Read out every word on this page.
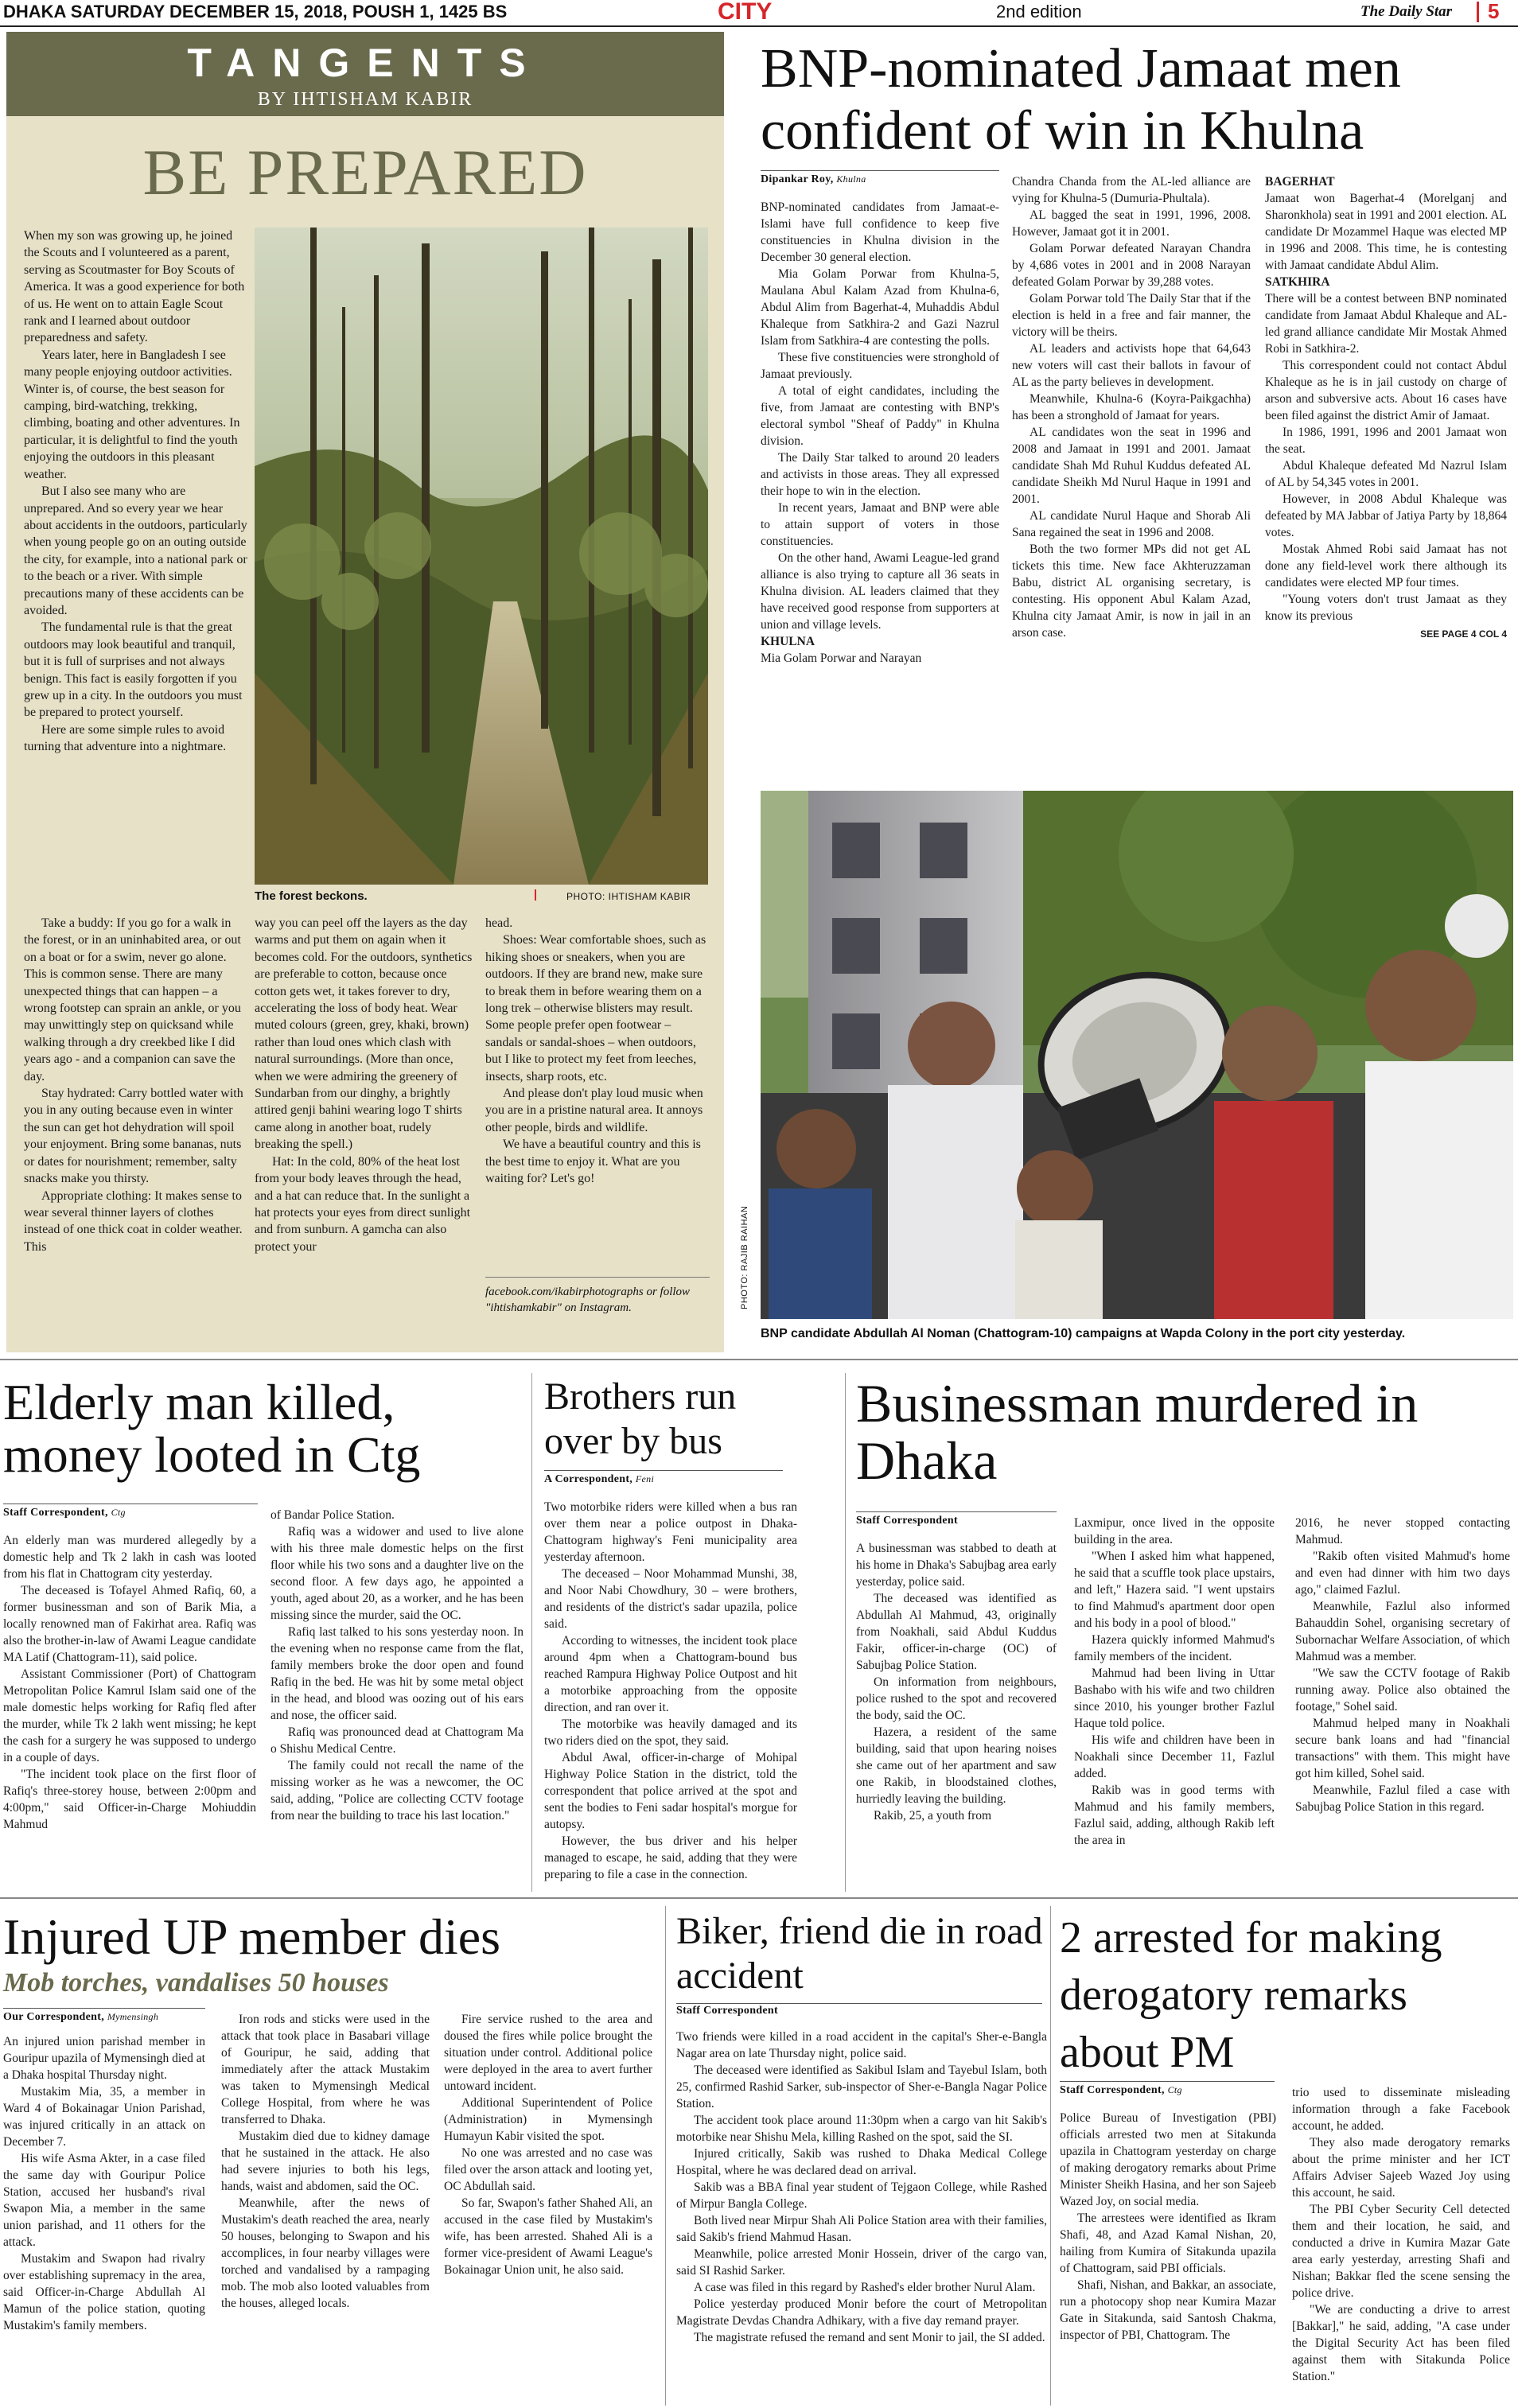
DHAKA SATURDAY DECEMBER 15, 2018, POUSH 1, 1425 BS	CITY	2nd edition	The Daily Star 5
TANGENTS
BY IHTISHAM KABIR
BE PREPARED

When my son was growing up, he joined the Scouts and I volunteered as a parent, serving as Scoutmaster for Boy Scouts of America. It was a good experience for both of us. He went on to attain Eagle Scout rank and I learned about outdoor preparedness and safety.

Years later, here in Bangladesh I see many people enjoying outdoor activities. Winter is, of course, the best season for camping, bird-watching, trekking, climbing, boating and other adventures. In particular, it is delightful to find the youth enjoying the outdoors in this pleasant weather.

But I also see many who are unprepared. And so every year we hear about accidents in the outdoors, particularly when young people go on an outing outside the city, for example, into a national park or to the beach or a river. With simple precautions many of these accidents can be avoided.

The fundamental rule is that the great outdoors may look beautiful and tranquil, but it is full of surprises and not always benign. This fact is easily forgotten if you grew up in a city. In the outdoors you must be prepared to protect yourself.

Here are some simple rules to avoid turning that adventure into a nightmare.

The forest beckons.	PHOTO: IHTISHAM KABIR

Take a buddy: If you go for a walk in the forest, or in an uninhabited area, or out on a boat or for a swim, never go alone. This is common sense. There are many unexpected things that can happen – a wrong footstep can sprain an ankle, or you may unwittingly step on quicksand while walking through a dry creekbed like I did years ago - and a companion can save the day.

Stay hydrated: Carry bottled water with you in any outing because even in winter the sun can get hot dehydration will spoil your enjoyment. Bring some bananas, nuts or dates for nourishment; remember, salty snacks make you thirsty.

Appropriate clothing: It makes sense to wear several thinner layers of clothes instead of one thick coat in colder weather. This

way you can peel off the layers as the day warms and put them on again when it becomes cold. For the outdoors, synthetics are preferable to cotton, because once cotton gets wet, it takes forever to dry, accelerating the loss of body heat. Wear muted colours (green, grey, khaki, brown) rather than loud ones which clash with natural surroundings. (More than once, when we were admiring the greenery of Sundarban from our dinghy, a brightly attired genji bahini wearing logo T shirts came along in another boat, rudely breaking the spell.)

Hat: In the cold, 80% of the heat lost from your body leaves through the head, and a hat can reduce that. In the sunlight a hat protects your eyes from direct sunlight and from sunburn. A gamcha can also protect your

head.

Shoes: Wear comfortable shoes, such as hiking shoes or sneakers, when you are outdoors. If they are brand new, make sure to break them in before wearing them on a long trek – otherwise blisters may result. Some people prefer open footwear – sandals or sandal-shoes – when outdoors, but I like to protect my feet from leeches, insects, sharp roots, etc.

And please don't play loud music when you are in a pristine natural area. It annoys other people, birds and wildlife.

We have a beautiful country and this is the best time to enjoy it. What are you waiting for? Let's go!

facebook.com/ikabirphotographs or follow "ihtishamkabir" on Instagram.
BNP-nominated Jamaat men confident of win in Khulna
Dipankar Roy, Khulna

BNP-nominated candidates from Jamaat-e-Islami have full confidence to keep five constituencies in Khulna division in the December 30 general election.

Mia Golam Porwar from Khulna-5, Maulana Abul Kalam Azad from Khulna-6, Abdul Alim from Bagerhat-4, Muhaddis Abdul Khaleque from Satkhira-2 and Gazi Nazrul Islam from Satkhira-4 are contesting the polls.

These five constituencies were stronghold of Jamaat previously.

A total of eight candidates, including the five, from Jamaat are contesting with BNP's electoral symbol "Sheaf of Paddy" in Khulna division.

The Daily Star talked to around 20 leaders and activists in those areas. They all expressed their hope to win in the election.

In recent years, Jamaat and BNP were able to attain support of voters in those constituencies.

On the other hand, Awami League-led grand alliance is also trying to capture all 36 seats in Khulna division. AL leaders claimed that they have received good response from supporters at union and village levels.

KHULNA

Mia Golam Porwar and Narayan

Chandra Chanda from the AL-led alliance are vying for Khulna-5 (Dumuria-Phultala).

AL bagged the seat in 1991, 1996, 2008. However, Jamaat got it in 2001.

Golam Porwar defeated Narayan Chandra by 4,686 votes in 2001 and in 2008 Narayan defeated Golam Porwar by 39,288 votes.

Golam Porwar told The Daily Star that if the election is held in a free and fair manner, the victory will be theirs.

AL leaders and activists hope that 64,643 new voters will cast their ballots in favour of AL as the party believes in development.

Meanwhile, Khulna-6 (Koyra-Paikgachha) has been a stronghold of Jamaat for years.

AL candidates won the seat in 1996 and 2008 and Jamaat in 1991 and 2001. Jamaat candidate Shah Md Ruhul Kuddus defeated AL candidate Sheikh Md Nurul Haque in 1991 and 2001.

AL candidate Nurul Haque and Shorab Ali Sana regained the seat in 1996 and 2008.

Both the two former MPs did not get AL tickets this time. New face Akhteruzzaman Babu, district AL organising secretary, is contesting. His opponent Abul Kalam Azad, Khulna city Jamaat Amir, is now in jail in an arson case.

BAGERHAT

Jamaat won Bagerhat-4 (Morelganj and Sharonkhola) seat in 1991 and 2001 election. AL candidate Dr Mozammel Haque was elected MP in 1996 and 2008. This time, he is contesting with Jamaat candidate Abdul Alim.

SATKHIRA

There will be a contest between BNP nominated candidate from Jamaat Abdul Khaleque and AL-led grand alliance candidate Mir Mostak Ahmed Robi in Satkhira-2.

This correspondent could not contact Abdul Khaleque as he is in jail custody on charge of arson and subversive acts. About 16 cases have been filed against the district Amir of Jamaat.

In 1986, 1991, 1996 and 2001 Jamaat won the seat.

Abdul Khaleque defeated Md Nazrul Islam of AL by 54,345 votes in 2001.

However, in 2008 Abdul Khaleque was defeated by MA Jabbar of Jatiya Party by 18,864 votes.

Mostak Ahmed Robi said Jamaat has not done any field-level work there although its candidates were elected MP four times.

"Young voters don't trust Jamaat as they know its previous

SEE PAGE 4 COL 4
PHOTO: RAJIB RAIHAN
BNP candidate Abdullah Al Noman (Chattogram-10) campaigns at Wapda Colony in the port city yesterday.
Elderly man killed, money looted in Ctg
Staff Correspondent, Ctg

An elderly man was murdered allegedly by a domestic help and Tk 2 lakh in cash was looted from his flat in Chattogram city yesterday.

The deceased is Tofayel Ahmed Rafiq, 60, a former businessman and son of Barik Mia, a locally renowned man of Fakirhat area. Rafiq was also the brother-in-law of Awami League candidate MA Latif (Chattogram-11), said police.

Assistant Commissioner (Port) of Chattogram Metropolitan Police Kamrul Islam said one of the male domestic helps working for Rafiq fled after the murder, while Tk 2 lakh went missing; he kept the cash for a surgery he was supposed to undergo in a couple of days.

"The incident took place on the first floor of Rafiq's three-storey house, between 2:00pm and 4:00pm," said Officer-in-Charge Mohiuddin Mahmud

of Bandar Police Station.

Rafiq was a widower and used to live alone with his three male domestic helps on the first floor while his two sons and a daughter live on the second floor. A few days ago, he appointed a youth, aged about 20, as a worker, and he has been missing since the murder, said the OC.

Rafiq last talked to his sons yesterday noon. In the evening when no response came from the flat, family members broke the door open and found Rafiq in the bed. He was hit by some metal object in the head, and blood was oozing out of his ears and nose, the officer said.

Rafiq was pronounced dead at Chattogram Ma o Shishu Medical Centre.

The family could not recall the name of the missing worker as he was a newcomer, the OC said, adding, "Police are collecting CCTV footage from near the building to trace his last location."

Brothers run over by bus
A Correspondent, Feni

Two motorbike riders were killed when a bus ran over them near a police outpost in Dhaka-Chattogram highway's Feni municipality area yesterday afternoon.

The deceased – Noor Mohammad Munshi, 38, and Noor Nabi Chowdhury, 30 – were brothers, and residents of the district's sadar upazila, police said.

According to witnesses, the incident took place around 4pm when a Chattogram-bound bus reached Rampura Highway Police Outpost and hit a motorbike approaching from the opposite direction, and ran over it.

The motorbike was heavily damaged and its two riders died on the spot, they said.

Abdul Awal, officer-in-charge of Mohipal Highway Police Station in the district, told the correspondent that police arrived at the spot and sent the bodies to Feni sadar hospital's morgue for autopsy.

However, the bus driver and his helper managed to escape, he said, adding that they were preparing to file a case in the connection.

Businessman murdered in Dhaka
Staff Correspondent

A businessman was stabbed to death at his home in Dhaka's Sabujbag area early yesterday, police said.

The deceased was identified as Abdullah Al Mahmud, 43, originally from Noakhali, said Abdul Kuddus Fakir, officer-in-charge (OC) of Sabujbag Police Station.

On information from neighbours, police rushed to the spot and recovered the body, said the OC.

Hazera, a resident of the same building, said that upon hearing noises she came out of her apartment and saw one Rakib, in bloodstained clothes, hurriedly leaving the building.

Rakib, 25, a youth from

Laxmipur, once lived in the opposite building in the area.

"When I asked him what happened, he said that a scuffle took place upstairs, and left," Hazera said. "I went upstairs to find Mahmud's apartment door open and his body in a pool of blood."

Hazera quickly informed Mahmud's family members of the incident.

Mahmud had been living in Uttar Bashabo with his wife and two children since 2010, his younger brother Fazlul Haque told police.

His wife and children have been in Noakhali since December 11, Fazlul added.

Rakib was in good terms with Mahmud and his family members, Fazlul said, adding, although Rakib left the area in

2016, he never stopped contacting Mahmud.

"Rakib often visited Mahmud's home and even had dinner with him two days ago," claimed Fazlul.

Meanwhile, Fazlul also informed Bahauddin Sohel, organising secretary of Subornachar Welfare Association, of which Mahmud was a member.

"We saw the CCTV footage of Rakib running away. Police also obtained the footage," Sohel said.

Mahmud helped many in Noakhali secure bank loans and had "financial transactions" with them. This might have got him killed, Sohel said.

Meanwhile, Fazlul filed a case with Sabujbag Police Station in this regard.

Injured UP member dies
Mob torches, vandalises 50 houses
Our Correspondent, Mymensingh

An injured union parishad member in Gouripur upazila of Mymensingh died at a Dhaka hospital Thursday night.

Mustakim Mia, 35, a member in Ward 4 of Bokainagar Union Parishad, was injured critically in an attack on December 7.

His wife Asma Akter, in a case filed the same day with Gouripur Police Station, accused her husband's rival Swapon Mia, a member in the same union parishad, and 11 others for the attack.

Mustakim and Swapon had rivalry over establishing supremacy in the area, said Officer-in-Charge Abdullah Al Mamun of the police station, quoting Mustakim's family members.

Iron rods and sticks were used in the attack that took place in Basabari village of Gouripur, he said, adding that immediately after the attack Mustakim was taken to Mymensingh Medical College Hospital, from where he was transferred to Dhaka.

Mustakim died due to kidney damage that he sustained in the attack. He also had severe injuries to both his legs, hands, waist and abdomen, said the OC.

Meanwhile, after the news of Mustakim's death reached the area, nearly 50 houses, belonging to Swapon and his accomplices, in four nearby villages were torched and vandalised by a rampaging mob. The mob also looted valuables from the houses, alleged locals.

Fire service rushed to the area and doused the fires while police brought the situation under control. Additional police were deployed in the area to avert further untoward incident.

Additional Superintendent of Police (Administration) in Mymensingh Humayun Kabir visited the spot.

No one was arrested and no case was filed over the arson attack and looting yet, OC Abdullah said.

So far, Swapon's father Shahed Ali, an accused in the case filed by Mustakim's wife, has been arrested. Shahed Ali is a former vice-president of Awami League's Bokainagar Union unit, he also said.

Biker, friend die in road accident
Staff Correspondent

Two friends were killed in a road accident in the capital's Sher-e-Bangla Nagar area on late Thursday night, police said.

The deceased were identified as Sakibul Islam and Tayebul Islam, both 25, confirmed Rashid Sarker, sub-inspector of Sher-e-Bangla Nagar Police Station.

The accident took place around 11:30pm when a cargo van hit Sakib's motorbike near Shishu Mela, killing Rashed on the spot, said the SI.

Injured critically, Sakib was rushed to Dhaka Medical College Hospital, where he was declared dead on arrival.

Sakib was a BBA final year student of Tejgaon College, while Rashed of Mirpur Bangla College.

Both lived near Mirpur Shah Ali Police Station area with their families, said Sakib's friend Mahmud Hasan.

Meanwhile, police arrested Monir Hossein, driver of the cargo van, said SI Rashid Sarker.

A case was filed in this regard by Rashed's elder brother Nurul Alam.

Police yesterday produced Monir before the court of Metropolitan Magistrate Devdas Chandra Adhikary, with a five day remand prayer.

The magistrate refused the remand and sent Monir to jail, the SI added.

2 arrested for making derogatory remarks about PM
Staff Correspondent, Ctg

Police Bureau of Investigation (PBI) officials arrested two men at Sitakunda upazila in Chattogram yesterday on charge of making derogatory remarks about Prime Minister Sheikh Hasina, and her son Sajeeb Wazed Joy, on social media.

The arrestees were identified as Ikram Shafi, 48, and Azad Kamal Nishan, 20, hailing from Kumira of Sitakunda upazila of Chattogram, said PBI officials.

Shafi, Nishan, and Bakkar, an associate, run a photocopy shop near Kumira Mazar Gate in Sitakunda, said Santosh Chakma, inspector of PBI, Chattogram. The

trio used to disseminate misleading information through a fake Facebook account, he added.

They also made derogatory remarks about the prime minister and her ICT Affairs Adviser Sajeeb Wazed Joy using this account, he said.

The PBI Cyber Security Cell detected them and their location, he said, and conducted a drive in Kumira Mazar Gate area early yesterday, arresting Shafi and Nishan; Bakkar fled the scene sensing the police drive.

"We are conducting a drive to arrest [Bakkar]," he said, adding, "A case under the Digital Security Act has been filed against them with Sitakunda Police Station."
